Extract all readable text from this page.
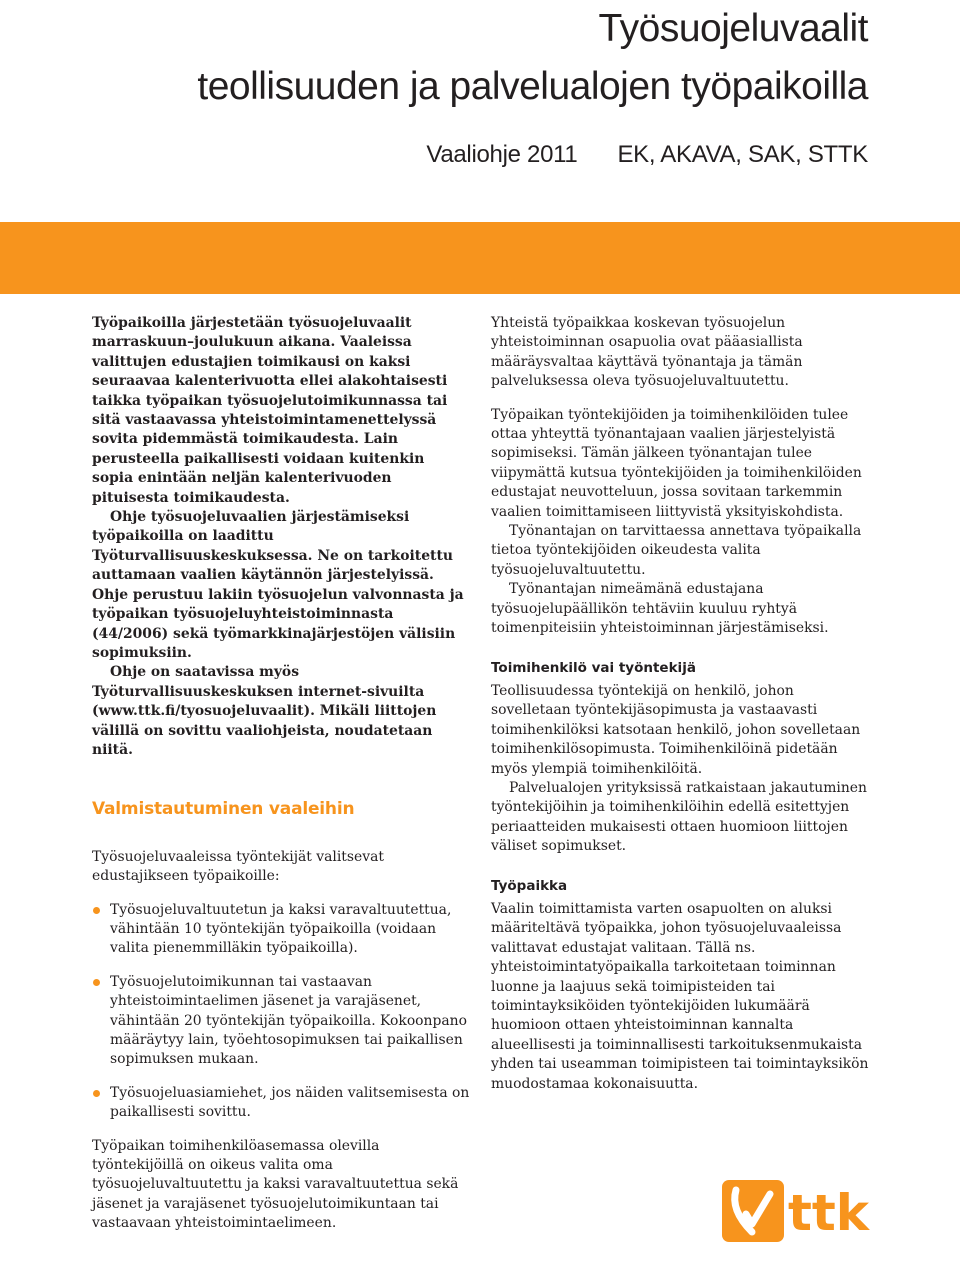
Työsuojeluvaalit
teollisuuden ja palvelualojen työpaikoilla
Vaaliohje 2011 EK, AKAVA, SAK, STTK

Työpaikoilla järjestetään työsuojeluvaalit marraskuun–joulukuun aikana. Vaaleissa valittujen edustajien toimikausi on kaksi seuraavaa kalenterivuotta ellei alakohtaisesti taikka työpaikan työsuojelutoimikunnassa tai sitä vastaavassa yhteistoimintamenettelyssä sovita pidemmästä toimikaudesta. Lain perusteella paikallisesti voidaan kuitenkin sopia enintään neljän kalenterivuoden pituisesta toimikaudesta.

Ohje työsuojeluvaalien järjestämiseksi työpaikoilla on laadittu Työturvallisuuskeskuksessa. Ne on tarkoitettu auttamaan vaalien käytännön järjestelyissä. Ohje perustuu lakiin työsuojelun valvonnasta ja työpaikan työsuojeluyhteistoiminnasta (44/2006) sekä työmarkkinajärjestöjen välisiin sopimuksiin.

Ohje on saatavissa myös Työturvallisuuskeskuksen internet-sivuilta (www.ttk.fi/tyosuojeluvaalit). Mikäli liittojen välillä on sovittu vaaliohjeista, noudatetaan niitä.

Valmistautuminen vaaleihin

Työsuojeluvaaleissa työntekijät valitsevat edustajikseen työpaikoille:

Työsuojeluvaltuutetun ja kaksi varavaltuutettua, vähintään 10 työntekijän työpaikoilla (voidaan valita pienemmilläkin työpaikoilla).
Työsuojelutoimikunnan tai vastaavan yhteistoimintaelimen jäsenet ja varajäsenet, vähintään 20 työntekijän työpaikoilla. Kokoonpano määräytyy lain, työehtosopimuksen tai paikallisen sopimuksen mukaan.
Työsuojeluasiamiehet, jos näiden valitsemisesta on paikallisesti sovittu.

Työpaikan toimihenkilöasemassa olevilla työntekijöillä on oikeus valita oma työsuojeluvaltuutettu ja kaksi varavaltuutettua sekä jäsenet ja varajäsenet työsuojelutoimikuntaan tai vastaavaan yhteistoimintaelimeen.

Yhteistä työpaikkaa koskevan työsuojelun yhteistoiminnan osapuolia ovat pääasiallista määräysvaltaa käyttävä työnantaja ja tämän palveluksessa oleva työsuojeluvaltuutettu.

Työpaikan työntekijöiden ja toimihenkilöiden tulee ottaa yhteyttä työnantajaan vaalien järjestelyistä sopimiseksi. Tämän jälkeen työnantajan tulee viipymättä kutsua työntekijöiden ja toimihenkilöiden edustajat neuvotteluun, jossa sovitaan tarkemmin vaalien toimittamiseen liittyvistä yksityiskohdista.

Työnantajan on tarvittaessa annettava työpaikalla tietoa työntekijöiden oikeudesta valita työsuojeluvaltuutettu.

Työnantajan nimeämänä edustajana työsuojelupäällikön tehtäviin kuuluu ryhtyä toimenpiteisiin yhteistoiminnan järjestämiseksi.

Toimihenkilö vai työntekijä

Teollisuudessa työntekijä on henkilö, johon sovelletaan työntekijäsopimusta ja vastaavasti toimihenkilöksi katsotaan henkilö, johon sovelletaan toimihenkilösopimusta. Toimihenkilöinä pidetään myös ylempiä toimihenkilöitä.

Palvelualojen yrityksissä ratkaistaan jakautuminen työntekijöihin ja toimihenkilöihin edellä esitettyjen periaatteiden mukaisesti ottaen huomioon liittojen väliset sopimukset.

Työpaikka

Vaalin toimittamista varten osapuolten on aluksi määriteltävä työpaikka, johon työsuojeluvaaleissa valittavat edustajat valitaan. Tällä ns. yhteistoimintatyöpaikalla tarkoitetaan toiminnan luonne ja laajuus sekä toimipisteiden tai toimintayksiköiden työntekijöiden lukumäärä huomioon ottaen yhteistoiminnan kannalta alueellisesti ja toiminnallisesti tarkoituksenmukaista yhden tai useamman toimipisteen tai toimintayksikön muodostamaa kokonaisuutta.

ttk
